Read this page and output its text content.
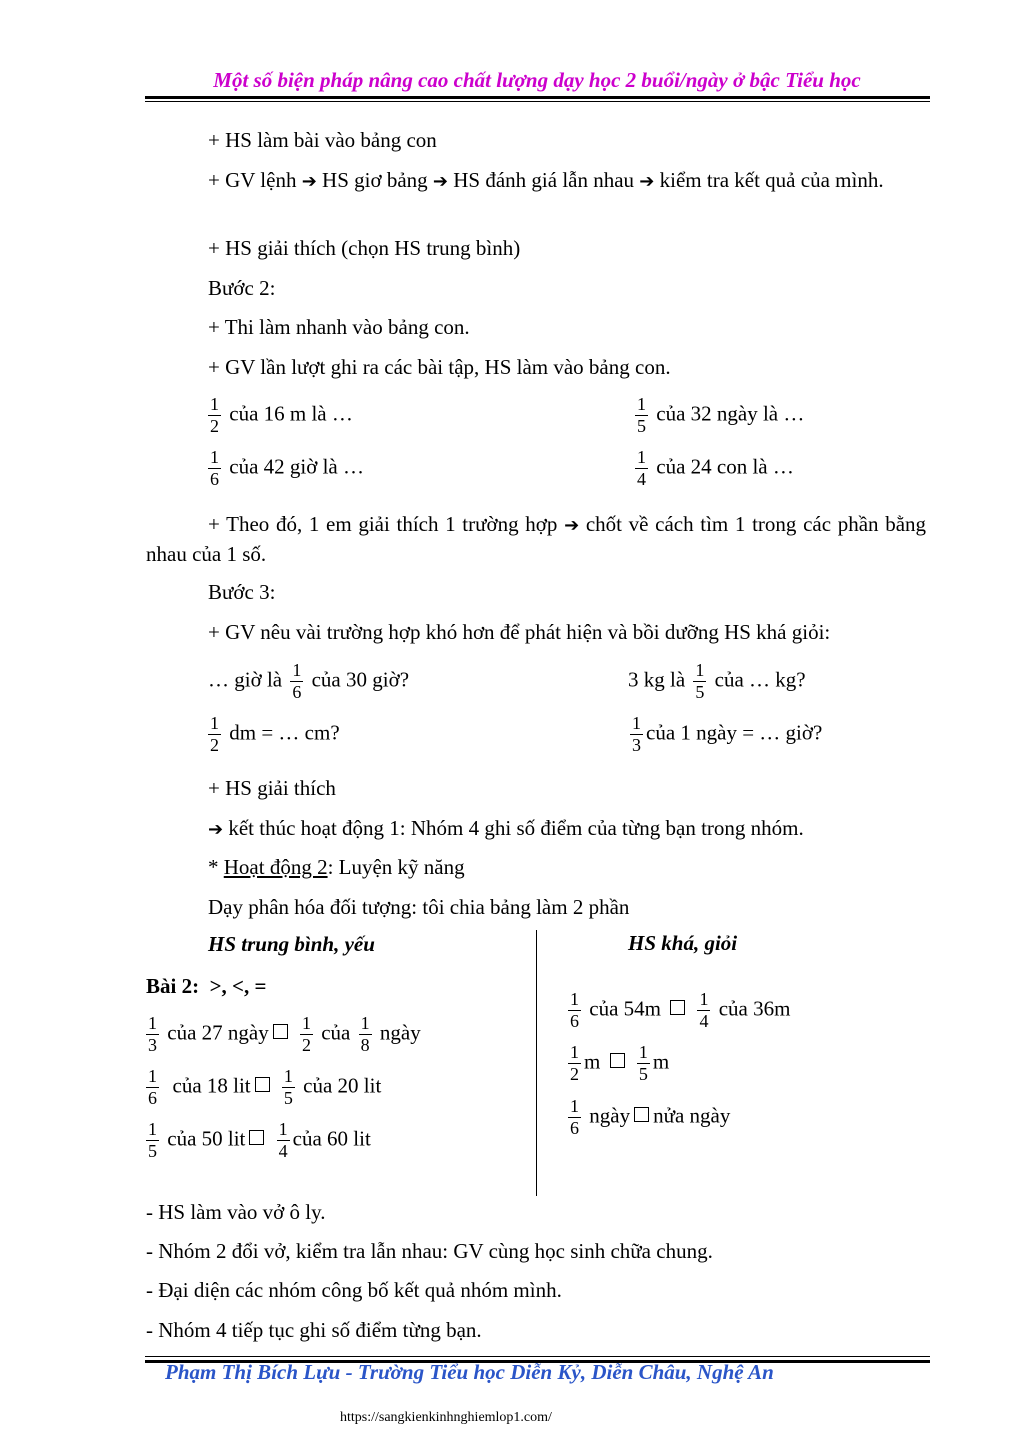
Một số biện pháp nâng cao chất lượng dạy học 2 buổi/ngày ở bậc Tiểu học
+ HS làm bài vào bảng con
+ GV lệnh ➔ HS giơ bảng ➔ HS đánh giá lẫn nhau ➔ kiểm tra kết quả của mình.
+ HS giải thích (chọn HS trung bình)
Bước 2:
+ Thi làm nhanh vào bảng con.
+ GV lần lượt ghi ra các bài tập, HS làm vào bảng con.
$\frac{1}{2}$ của 16 m là …	$\frac{1}{5}$ của 32 ngày là …
$\frac{1}{6}$ của 42 giờ là …	$\frac{1}{4}$ của 24 con là …
+ Theo đó, 1 em giải thích 1 trường hợp ➔ chốt về cách tìm 1 trong các phần bằng nhau của 1 số.
Bước 3:
+ GV nêu vài trường hợp khó hơn để phát hiện và bồi dưỡng HS khá giỏi:
… giờ là $\frac{1}{6}$ của 30 giờ?	3 kg là $\frac{1}{5}$ của … kg?
$\frac{1}{2}$ dm = … cm?	$\frac{1}{3}$ của 1 ngày = … giờ?
+ HS giải thích
➔ kết thúc hoạt động 1: Nhóm 4 ghi số điểm của từng bạn trong nhóm.
* Hoạt động 2: Luyện kỹ năng
Dạy phân hóa đối tượng: tôi chia bảng làm 2 phần
HS trung bình, yếu	HS khá, giỏi
Bài 2: >, <, =
$\frac{1}{3}$ của 27 ngày $\frac{1}{2}$ của $\frac{1}{8}$ ngày
$\frac{1}{6}$ của 18 lit $\frac{1}{5}$ của 20 lit
$\frac{1}{5}$ của 50 lit $\frac{1}{4}$ của 60 lit
$\frac{1}{6}$ của $54m \frac{1}{4}$ của 36m
$\frac{1}{2}$ m $\frac{1}{5}$ m
$\frac{1}{6}$ ngày nửa ngày
- HS làm vào vở ô ly.
- Nhóm 2 đổi vở, kiểm tra lẫn nhau: GV cùng học sinh chữa chung.
- Đại diện các nhóm công bố kết quả nhóm mình.
- Nhóm 4 tiếp tục ghi số điểm từng bạn.
Phạm Thị Bích Lựu - Trường Tiểu học Diễn Kỷ, Diễn Châu, Nghệ An
https://sangkienkinhnghiemlop1.com/
